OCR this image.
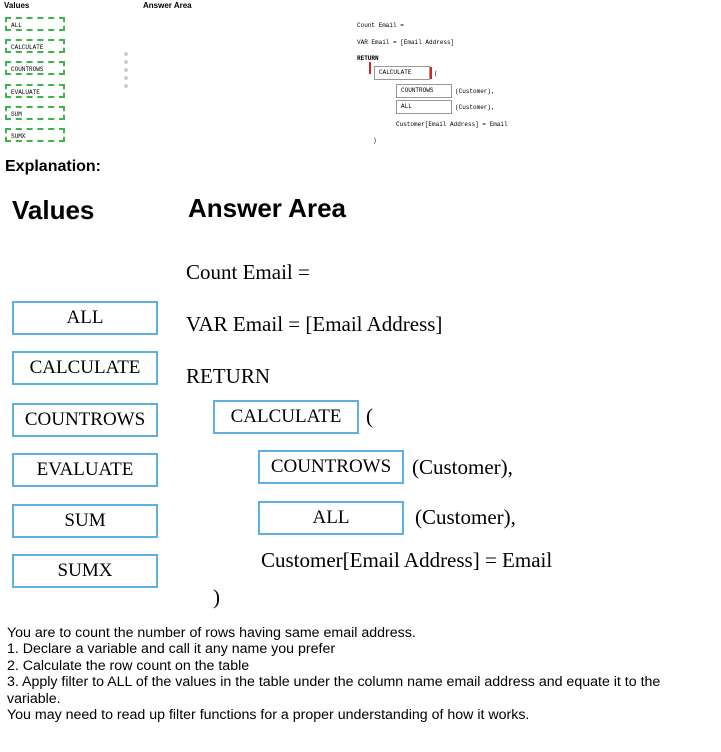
Values	Answer Area
ALL
CALCULATE
COUNTROWS
EVALUATE
SUM
SUMX
Count Email =
VAR Email = [Email Address]
RETURN
CALCULATE	(
COUNTROWS	(Customer),
ALL	(Customer),
Customer[Email Address] = Email
)
Explanation:
Values	Answer Area
ALL
CALCULATE
COUNTROWS
EVALUATE
SUM
SUMX
Count Email =
VAR Email = [Email Address]
RETURN
CALCULATE	(
COUNTROWS (Customer),
ALL	(Customer),
Customer[Email Address] = Email
)
You are to count the number of rows having same email address.
1. Declare a variable and call it any name you prefer
2. Calculate the row count on the table
3. Apply filter to ALL of the values in the table under the column name email address and equate it to the variable.
You may need to read up filter functions for a proper understanding of how it works.
